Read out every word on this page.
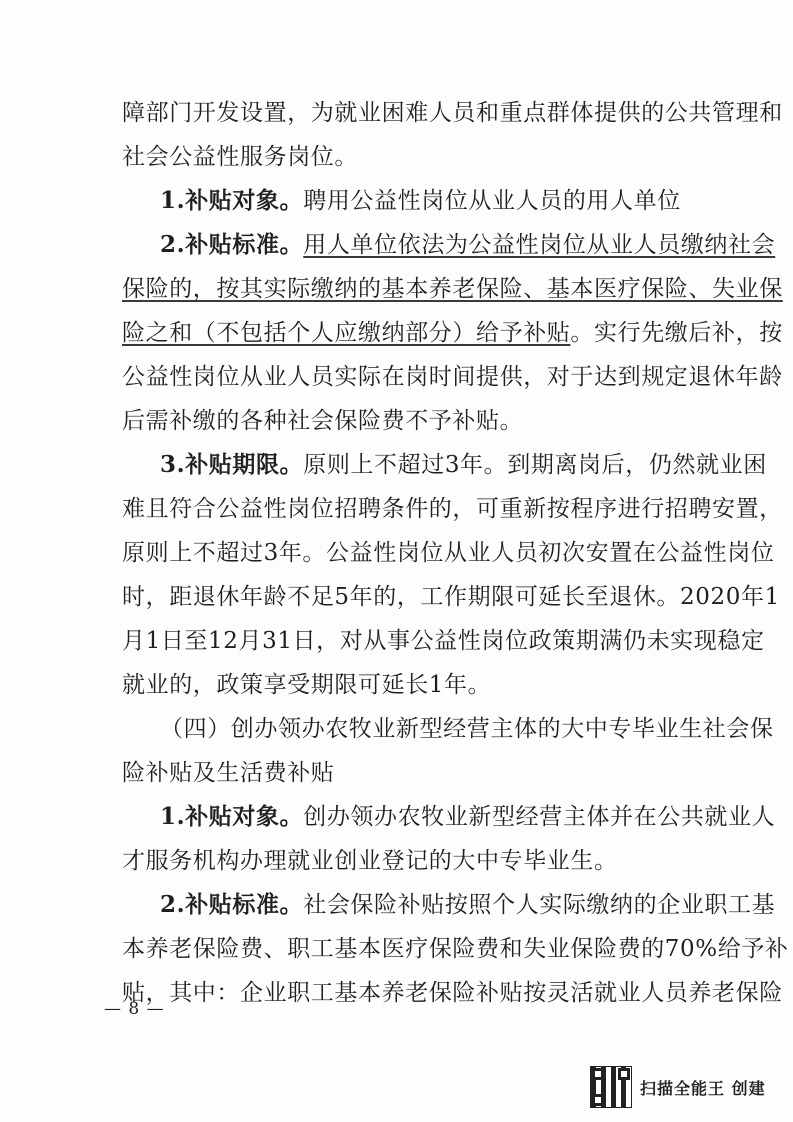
障部门开发设置，为就业困难人员和重点群体提供的公共管理和
社会公益性服务岗位。
1.补贴对象。聘用公益性岗位从业人员的用人单位
2.补贴标准。用人单位依法为公益性岗位从业人员缴纳社会
保险的，按其实际缴纳的基本养老保险、基本医疗保险、失业保
险之和（不包括个人应缴纳部分）给予补贴。实行先缴后补，按
公益性岗位从业人员实际在岗时间提供，对于达到规定退休年龄
后需补缴的各种社会保险费不予补贴。
3.补贴期限。原则上不超过3年。到期离岗后，仍然就业困
难且符合公益性岗位招聘条件的，可重新按程序进行招聘安置，
原则上不超过3年。公益性岗位从业人员初次安置在公益性岗位
时，距退休年龄不足5年的，工作期限可延长至退休。2020年1
月1日至12月31日，对从事公益性岗位政策期满仍未实现稳定
就业的，政策享受期限可延长1年。
（四）创办领办农牧业新型经营主体的大中专毕业生社会保
险补贴及生活费补贴
1.补贴对象。创办领办农牧业新型经营主体并在公共就业人
才服务机构办理就业创业登记的大中专毕业生。
2.补贴标准。社会保险补贴按照个人实际缴纳的企业职工基
本养老保险费、职工基本医疗保险费和失业保险费的70%给予补
贴，其中：企业职工基本养老保险补贴按灵活就业人员养老保险
— 8 —
扫描全能王 创建
